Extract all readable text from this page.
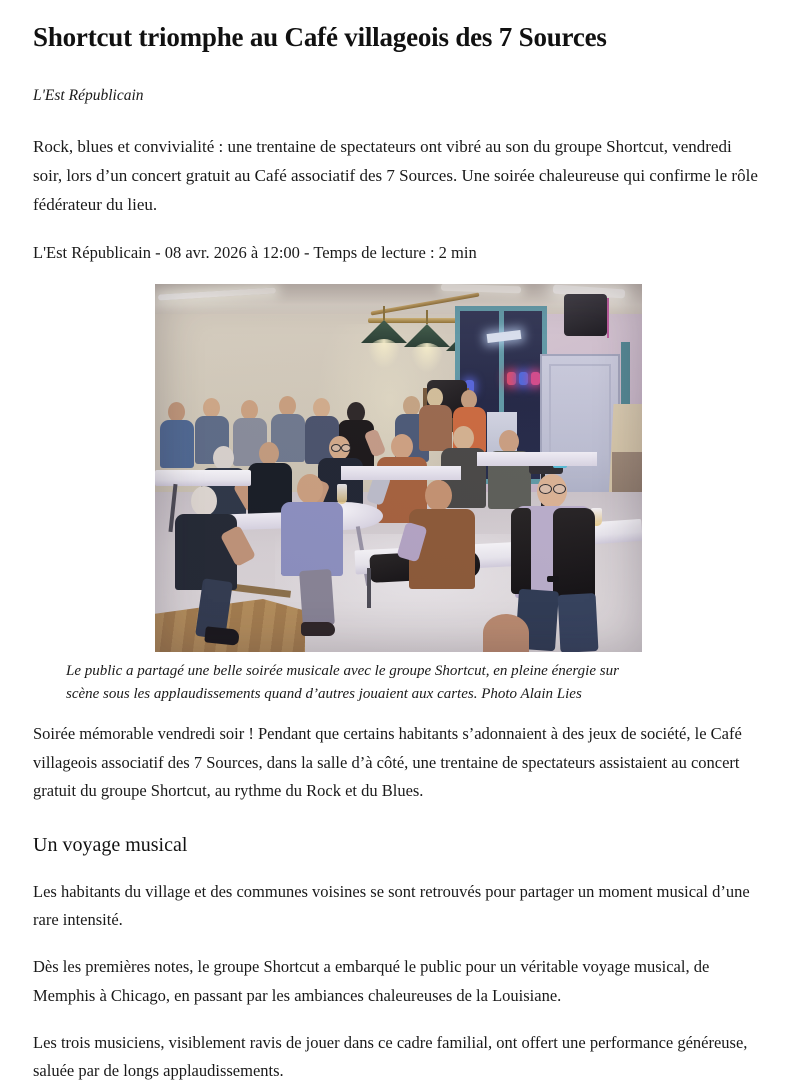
Shortcut triomphe au Café villageois des 7 Sources
L'Est Républicain

Rock, blues et convivialité : une trentaine de spectateurs ont vibré au son du groupe Shortcut, vendredi soir, lors d’un concert gratuit au Café associatif des 7 Sources. Une soirée chaleureuse qui confirme le rôle fédérateur du lieu.

L'Est Républicain - 08 avr. 2026 à 12:00 - Temps de lecture : 2 min
Le public a partagé une belle soirée musicale avec le groupe Shortcut, en pleine énergie sur scène sous les applaudissements quand d’autres jouaient aux cartes. Photo Alain Lies

Soirée mémorable vendredi soir ! Pendant que certains habitants s’adonnaient à des jeux de société, le Café villageois associatif des 7 Sources, dans la salle d’à côté, une trentaine de spectateurs assistaient au concert gratuit du groupe Shortcut, au rythme du Rock et du Blues.

Un voyage musical

Les habitants du village et des communes voisines se sont retrouvés pour partager un moment musical d’une rare intensité.

Dès les premières notes, le groupe Shortcut a embarqué le public pour un véritable voyage musical, de Memphis à Chicago, en passant par les ambiances chaleureuses de la Louisiane.

Les trois musiciens, visiblement ravis de jouer dans ce cadre familial, ont offert une performance généreuse, saluée par de longs applaudissements.
